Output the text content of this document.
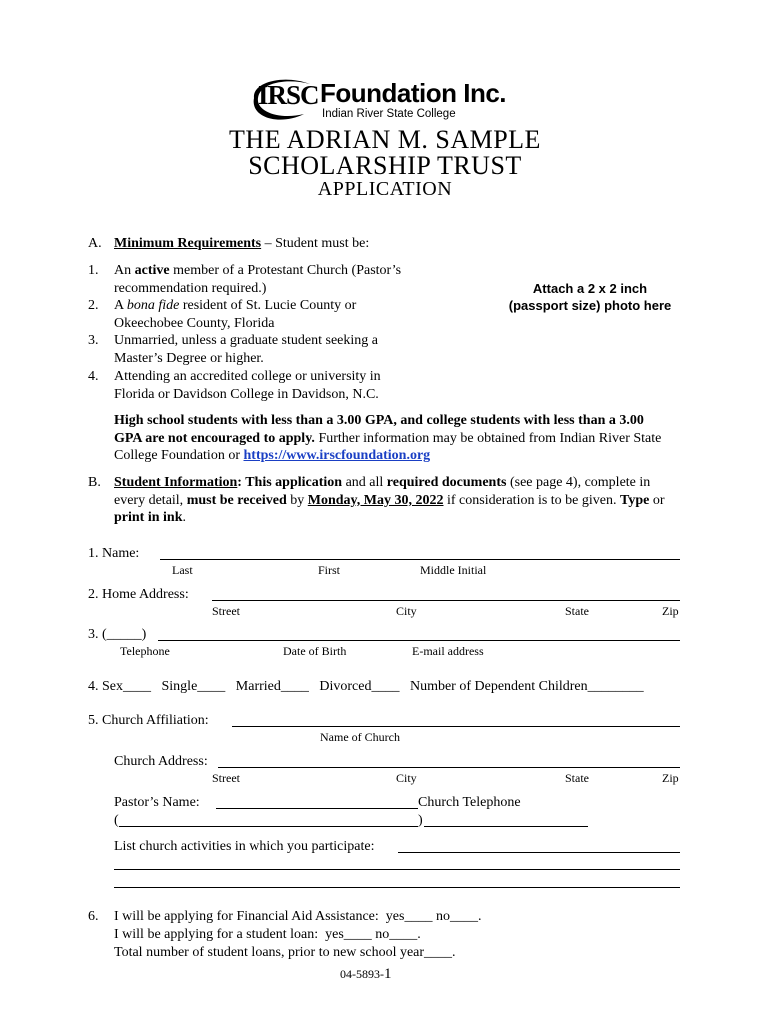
IRSC Foundation Inc.
Indian River State College
THE ADRIAN M. SAMPLE
SCHOLARSHIP TRUST
APPLICATION
A. Minimum Requirements – Student must be:
1. An active member of a Protestant Church (Pastor’s recommendation required.)
2. A bona fide resident of St. Lucie County or Okeechobee County, Florida
3. Unmarried, unless a graduate student seeking a Master’s Degree or higher.
4. Attending an accredited college or university in Florida or Davidson College in Davidson, N.C.
Attach a 2 x 2 inch
(passport size) photo here
High school students with less than a 3.00 GPA, and college students with less than a 3.00 GPA are not encouraged to apply. Further information may be obtained from Indian River State College Foundation or https://www.irscfoundation.org
B. Student Information: This application and all required documents (see page 4), complete in every detail, must be received by Monday, May 30, 2022 if consideration is to be given. Type or print in ink.
1. Name:
Last	First	Middle Initial
2. Home Address:
Street	City	State	Zip
3. (_____)
Telephone	Date of Birth	E-mail address
4. Sex____   Single____   Married____   Divorced____   Number of Dependent Children________
5. Church Affiliation:
Name of Church
Church Address:
Street	City	State	Zip
Pastor’s Name:	Church Telephone
(	)
List church activities in which you participate:
6. I will be applying for Financial Aid Assistance:  yes____ no____.
I will be applying for a student loan:  yes____ no____.
Total number of student loans, prior to new school year____.
04-5893-1
